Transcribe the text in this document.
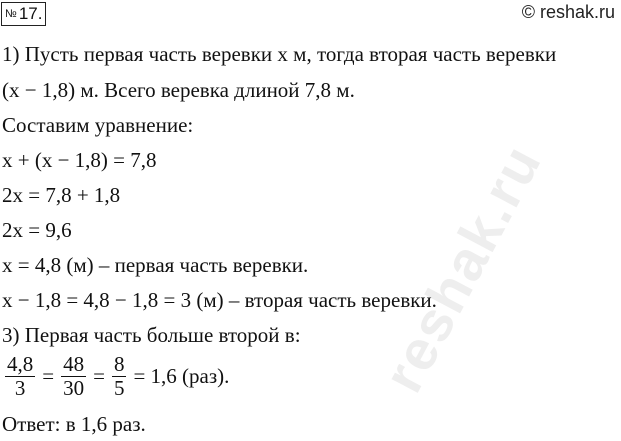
№ 17.	© reshak.ru
1) Пусть первая часть веревки x м, тогда вторая часть веревки
(x − 1,8) м. Всего веревка длиной 7,8 м.
Составим уравнение:
x + (x − 1,8) = 7,8
2x = 7,8 + 1,8
2x = 9,6
x = 4,8 (м) – первая часть веревки.
x − 1,8 = 4,8 − 1,8 = 3 (м) – вторая часть веревки.
3) Первая часть больше второй в:
$\frac{4,8}{3} = \frac{48}{30} = \frac{8}{5} = 1,6$ (раз).
Ответ: в 1,6 раз.
reshak.ru
